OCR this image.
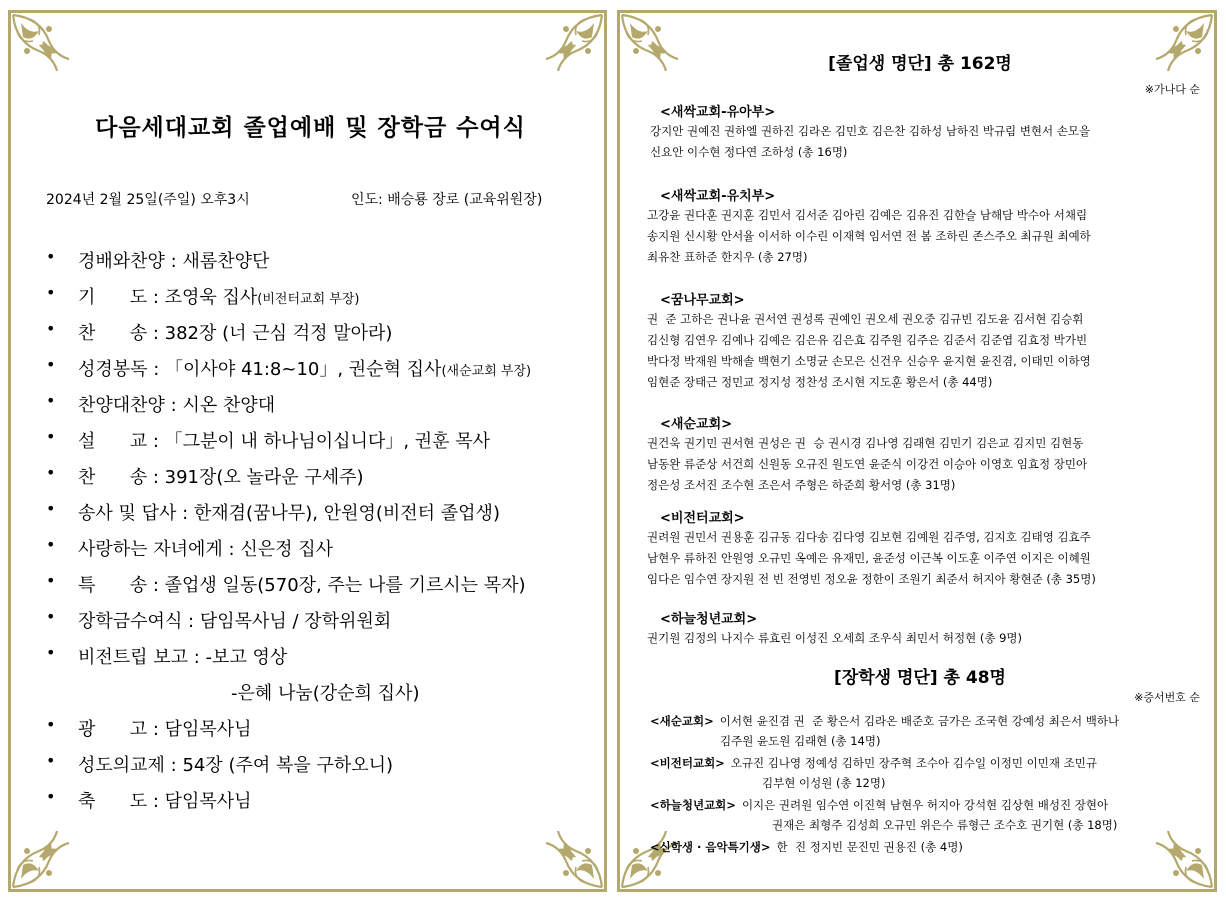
다음세대교회 졸업예배 및 장학금 수여식
2024년 2월 25일(주일) 오후3시	인도: 배승룡 장로 (교육위원장)
• 경배와찬양 : 새롬찬양단
• 기      도 : 조영욱 집사(비전터교회 부장)
• 찬      송 : 382장 (너 근심 걱정 말아라)
• 성경봉독 : 「이사야 41:8~10」, 권순혁 집사(새순교회 부장)
• 찬양대찬양 : 시온 찬양대
• 설      교 : 「그분이 내 하나님이십니다」, 권훈 목사
• 찬      송 : 391장(오 놀라운 구세주)
• 송사 및 답사 : 한재겸(꿈나무), 안원영(비전터 졸업생)
• 사랑하는 자녀에게 : 신은정 집사
• 특      송 : 졸업생 일동(570장, 주는 나를 기르시는 목자)
• 장학금수여식 : 담임목사님 / 장학위원회
• 비전트립 보고 : -보고 영상
-은혜 나눔(강순희 집사)
• 광      고 : 담임목사님
• 성도의교제 : 54장 (주여 복을 구하오니)
• 축      도 : 담임목사님
[졸업생 명단] 총 162명
※가나다 순
<새싹교회-유아부>
강지안 권예진 권하엘 권하진 김라온 김민호 김은찬 김하성 남하진 박규림 변현서 손모을
신요안 이수현 정다연 조하성 (총 16명)
<새싹교회-유치부>
고강윤 권다훈 권지훈 김민서 김서준 김아린 김예은 김유진 김한슬 남해담 박수아 서채림
송지원 신시황 안서율 이서하 이수린 이재혁 임서연 전 봄 조하린 존스주오 최규원 최예하
최유찬 표하준 한지우 (총 27명)
<꿈나무교회>
권  준 고하은 권나윤 권서연 권성록 권예인 권오세 권오중 김규빈 김도윤 김서현 김승휘
김신형 김연우 김예나 김예은 김은유 김은효 김주원 김주은 김준서 김준엽 김효정 박가빈
박다정 박재원 박해솔 백현기 소명균 손모은 신건우 신승우 윤지현 윤진겸, 이태민 이하영
임현준 장태근 정민교 정지성 정찬성 조시현 지도훈 황은서 (총 44명)
<새순교회>
권건욱 권기민 권서현 권성은 권  승 권시경 김나영 김래현 김민기 김은교 김지민 김현동
남동완 류준상 서건희 신원동 오규진 원도연 윤준식 이강건 이승아 이영호 임효정 장민아
정은성 조서진 조수현 조은서 주형은 하준희 황서영 (총 31명)
<비전터교회>
권려원 권민서 권용훈 김규동 김다송 김다영 김보현 김예원 김주영, 김지호 김태영 김효주
남현우 류하진 안원영 오규민 옥예은 유재민, 윤준성 이근복 이도훈 이주연 이지은 이혜원
임다은 임수연 장지원 전 빈 전영빈 정오윤 정한이 조원기 최준서 허지아 황현준 (총 35명)
<하늘청년교회>
권기원 김정의 나지수 류효린 이성진 오세희 조우식 최민서 허정현 (총 9명)
[장학생 명단] 총 48명
※증서번호 순
<새순교회> 이서현 윤진겸 권  준 황은서 김라온 배준호 금가은 조국현 강예성 최은서 백하나
김주원 윤도원 김래현 (총 14명)
<비전터교회> 오규진 김나영 정예성 김하민 장주혁 조수아 김수일 이정민 이민재 조민규
김부현 이성원 (총 12명)
<하늘청년교회> 이지은 권려원 임수연 이진혁 남현우 허지아 강석현 김상현 배성진 장현아
권재은 최형주 김성희 오규민 위은수 류형근 조수호 권기현 (총 18명)
<신학생 · 음악특기생> 한  진 정지빈 문진민 권용진 (총 4명)
